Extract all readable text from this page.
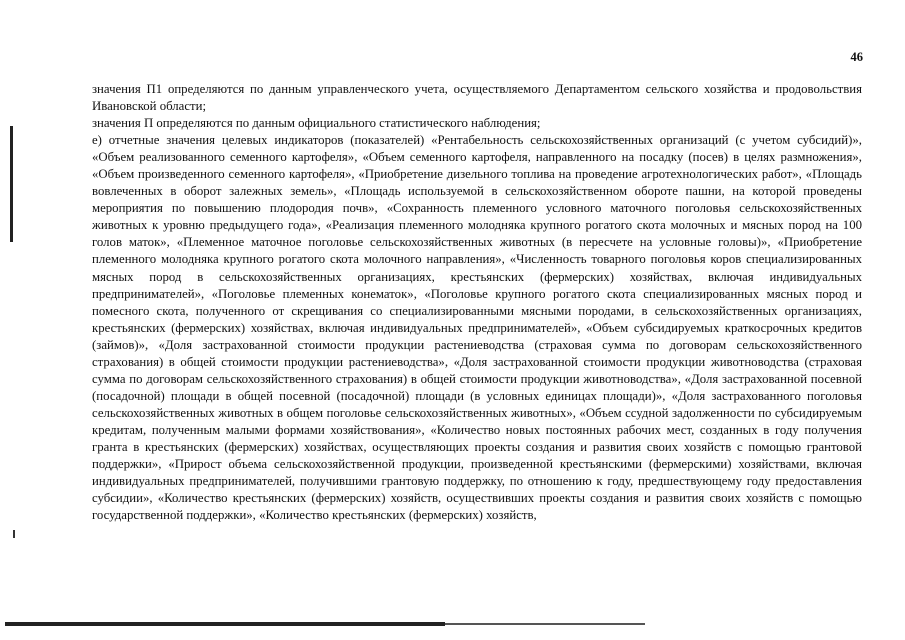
46

значения П1 определяются по данным управленческого учета, осуществляемого Департаментом сельского хозяйства и продовольствия Ивановской области;

значения П определяются по данным официального статистического наблюдения;

е) отчетные значения целевых индикаторов (показателей) «Рентабельность сельскохозяйственных организаций (с учетом субсидий)», «Объем реализованного семенного картофеля», «Объем семенного картофеля, направленного на посадку (посев) в целях размножения», «Объем произведенного семенного картофеля», «Приобретение дизельного топлива на проведение агротехнологических работ», «Площадь вовлеченных в оборот залежных земель», «Площадь используемой в сельскохозяйственном обороте пашни, на которой проведены мероприятия по повышению плодородия почв», «Сохранность племенного условного маточного поголовья сельскохозяйственных животных к уровню предыдущего года», «Реализация племенного молодняка крупного рогатого скота молочных и мясных пород на 100 голов маток», «Племенное маточное поголовье сельскохозяйственных животных (в пересчете на условные головы)», «Приобретение племенного молодняка крупного рогатого скота молочного направления», «Численность товарного поголовья коров специализированных мясных пород в сельскохозяйственных организациях, крестьянских (фермерских) хозяйствах, включая индивидуальных предпринимателей», «Поголовье племенных конематок», «Поголовье крупного рогатого скота специализированных мясных пород и помесного скота, полученного от скрещивания со специализированными мясными породами, в сельскохозяйственных организациях, крестьянских (фермерских) хозяйствах, включая индивидуальных предпринимателей», «Объем субсидируемых краткосрочных кредитов (займов)», «Доля застрахованной стоимости продукции растениеводства (страховая сумма по договорам сельскохозяйственного страхования) в общей стоимости продукции растениеводства», «Доля застрахованной стоимости продукции животноводства (страховая сумма по договорам сельскохозяйственного страхования) в общей стоимости продукции животноводства», «Доля застрахованной посевной (посадочной) площади в общей посевной (посадочной) площади (в условных единицах площади)», «Доля застрахованного поголовья сельскохозяйственных животных в общем поголовье сельскохозяйственных животных», «Объем ссудной задолженности по субсидируемым кредитам, полученным малыми формами хозяйствования», «Количество новых постоянных рабочих мест, созданных в году получения гранта в крестьянских (фермерских) хозяйствах, осуществляющих проекты создания и развития своих хозяйств с помощью грантовой поддержки», «Прирост объема сельскохозяйственной продукции, произведенной крестьянскими (фермерскими) хозяйствами, включая индивидуальных предпринимателей, получившими грантовую поддержку, по отношению к году, предшествующему году предоставления субсидии», «Количество крестьянских (фермерских) хозяйств, осуществивших проекты создания и развития своих хозяйств с помощью государственной поддержки», «Количество крестьянских (фермерских) хозяйств,
